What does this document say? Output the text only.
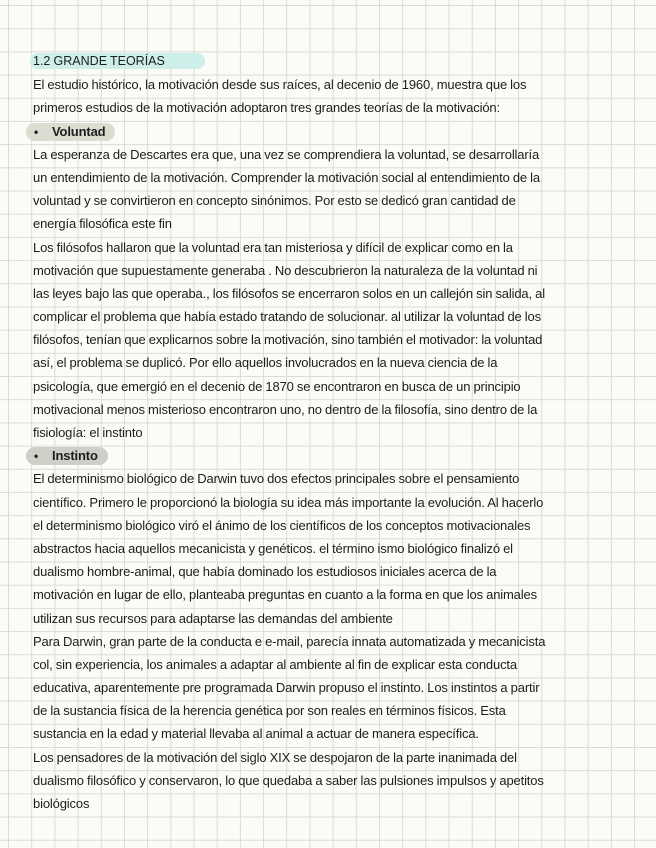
1.2 GRANDE TEORÍAS
El estudio histórico, la motivación desde sus raíces, al decenio de 1960, muestra que los
primeros estudios de la motivación adoptaron tres grandes teorías de la motivación:
• Voluntad
La esperanza de Descartes era que, una vez se comprendiera la voluntad, se desarrollaría
un entendimiento de la motivación. Comprender la motivación social al entendimiento de la
voluntad y se convirtieron en concepto sinónimos. Por esto se dedicó gran cantidad de
energía filosófica este fin
Los filósofos hallaron que la voluntad era tan misteriosa y difícil de explicar como en la
motivación que supuestamente generaba . No descubrieron la naturaleza de la voluntad ni
las leyes bajo las que operaba., los filósofos se encerraron solos en un callejón sin salida, al
complicar el problema que había estado tratando de solucionar. al utilizar la voluntad de los
filósofos, tenían que explicarnos sobre la motivación, sino también el motivador: la voluntad
así, el problema se duplicó. Por ello aquellos involucrados en la nueva ciencia de la
psicología, que emergió en el decenio de 1870 se encontraron en busca de un principio
motivacional menos misterioso encontraron uno, no dentro de la filosofía, sino dentro de la
fisiología: el instinto
• Instinto
El determinismo biológico de Darwin tuvo dos efectos principales sobre el pensamiento
científico. Primero le proporcionó la biología su idea más importante la evolución. Al hacerlo
el determinismo biológico viró el ánimo de los científicos de los conceptos motivacionales
abstractos hacia aquellos mecanicista y genéticos. el término ismo biológico finalizó el
dualismo hombre-animal, que había dominado los estudiosos iniciales acerca de la
motivación en lugar de ello, planteaba preguntas en cuanto a la forma en que los animales
utilizan sus recursos para adaptarse las demandas del ambiente
Para Darwin, gran parte de la conducta e e-mail, parecía innata automatizada y mecanicista
col, sin experiencia, los animales a adaptar al ambiente al fin de explicar esta conducta
educativa, aparentemente pre programada Darwin propuso el instinto. Los instintos a partir
de la sustancia física de la herencia genética por son reales en términos físicos. Esta
sustancia en la edad y material llevaba al animal a actuar de manera específica.
Los pensadores de la motivación del siglo XIX se despojaron de la parte inanimada del
dualismo filosófico y conservaron, lo que quedaba a saber las pulsiones impulsos y apetitos
biológicos
